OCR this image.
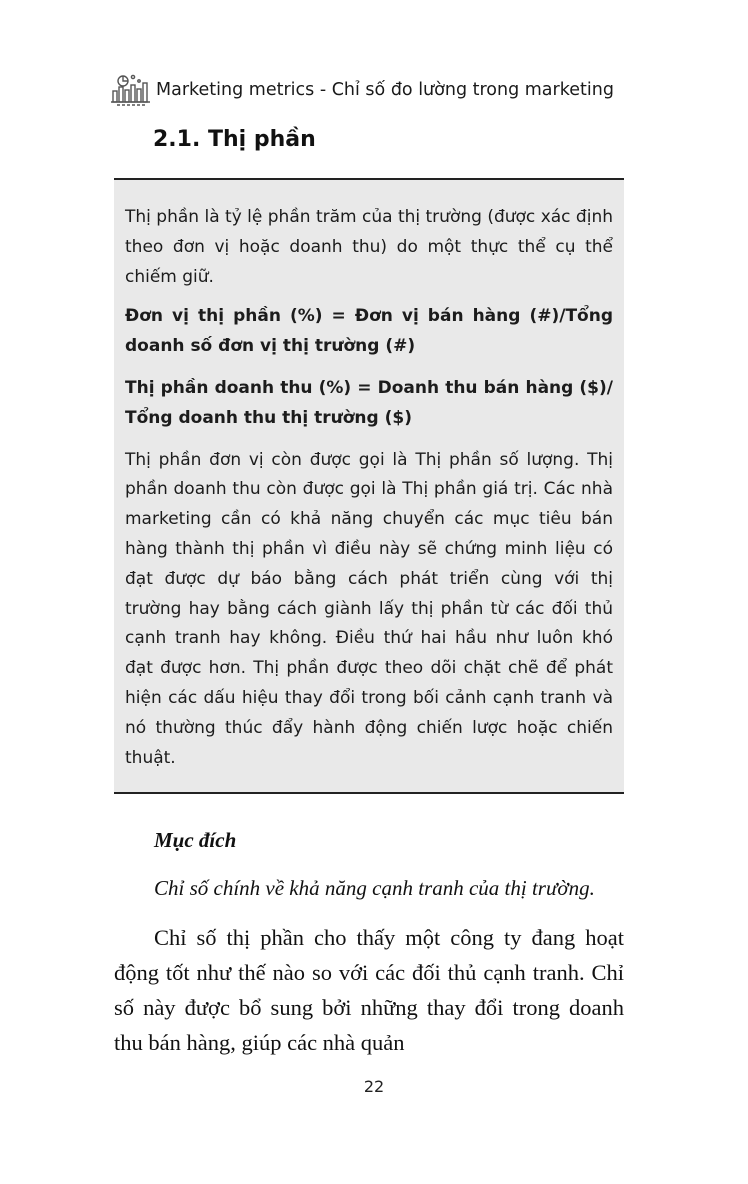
Marketing metrics - Chỉ số đo lường trong marketing
2.1. Thị phần

Thị phần là tỷ lệ phần trăm của thị trường (được xác định theo đơn vị hoặc doanh thu) do một thực thể cụ thể chiếm giữ.

Đơn vị thị phần (%) = Đơn vị bán hàng (#)/Tổng doanh số đơn vị thị trường (#)

Thị phần doanh thu (%) = Doanh thu bán hàng ($)/ Tổng doanh thu thị trường ($)

Thị phần đơn vị còn được gọi là Thị phần số lượng. Thị phần doanh thu còn được gọi là Thị phần giá trị. Các nhà marketing cần có khả năng chuyển các mục tiêu bán hàng thành thị phần vì điều này sẽ chứng minh liệu có đạt được dự báo bằng cách phát triển cùng với thị trường hay bằng cách giành lấy thị phần từ các đối thủ cạnh tranh hay không. Điều thứ hai hầu như luôn khó đạt được hơn. Thị phần được theo dõi chặt chẽ để phát hiện các dấu hiệu thay đổi trong bối cảnh cạnh tranh và nó thường thúc đẩy hành động chiến lược hoặc chiến thuật.

Mục đích

Chỉ số chính về khả năng cạnh tranh của thị trường.

Chỉ số thị phần cho thấy một công ty đang hoạt động tốt như thế nào so với các đối thủ cạnh tranh. Chỉ số này được bổ sung bởi những thay đổi trong doanh thu bán hàng, giúp các nhà quản

22
